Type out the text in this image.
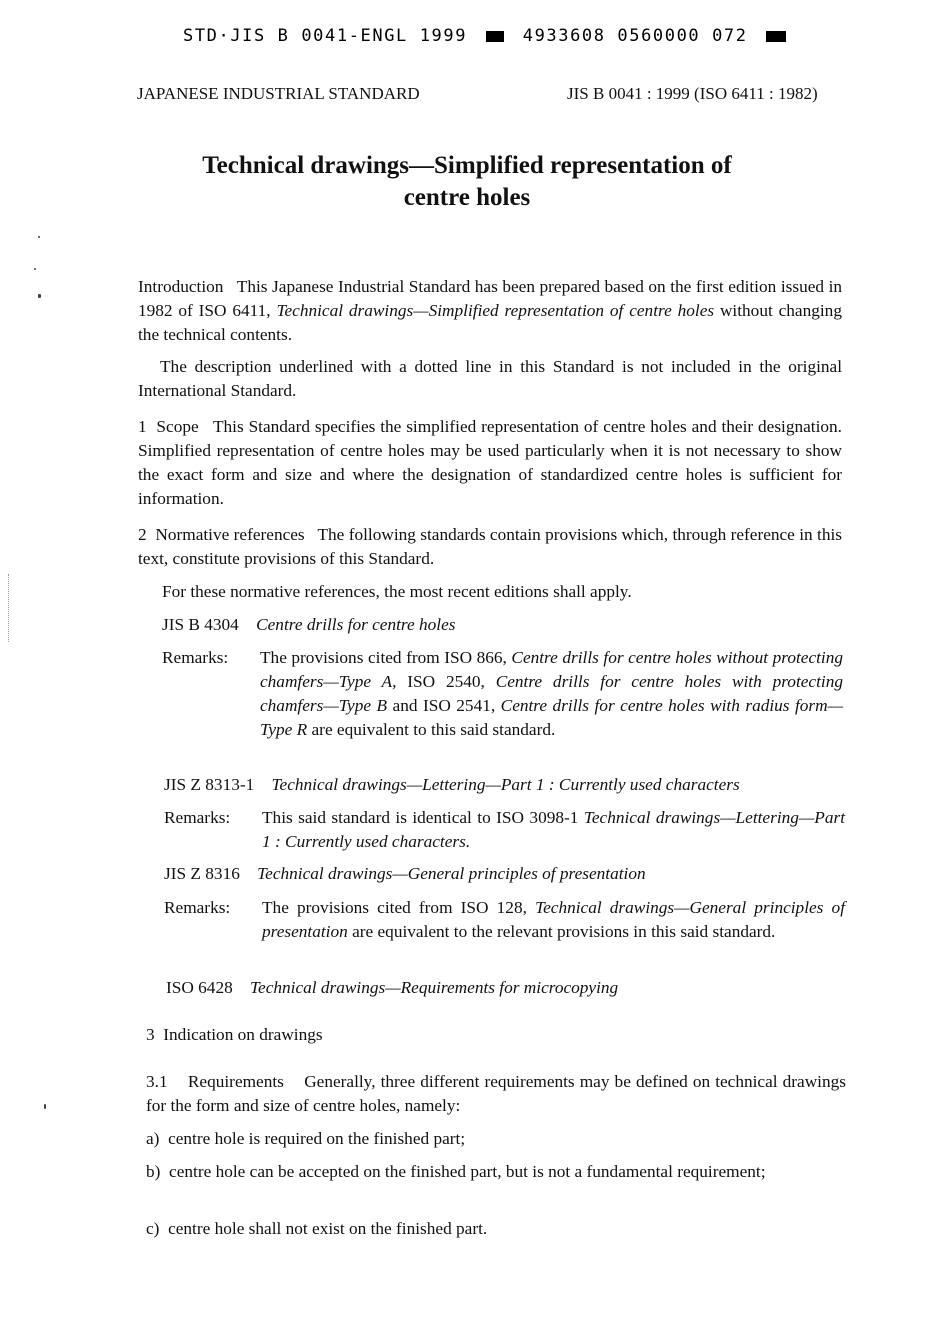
STD·JIS B 0041-ENGL 1999	4933608 0560000 072
JAPANESE INDUSTRIAL STANDARD	JIS B 0041 : 1999 (ISO 6411 : 1982)
Technical drawings—Simplified representation of
centre holes
Introduction This Japanese Industrial Standard has been prepared based on the first edition issued in 1982 of ISO 6411, Technical drawings—Simplified representation of centre holes without changing the technical contents.
The description underlined with a dotted line in this Standard is not included in the original International Standard.
1 Scope This Standard specifies the simplified representation of centre holes and their designation. Simplified representation of centre holes may be used particularly when it is not necessary to show the exact form and size and where the designation of standardized centre holes is sufficient for information.
2 Normative references The following standards contain provisions which, through reference in this text, constitute provisions of this Standard.
For these normative references, the most recent editions shall apply.
JIS B 4304 Centre drills for centre holes
Remarks:	The provisions cited from ISO 866, Centre drills for centre holes without protecting chamfers—Type A, ISO 2540, Centre drills for centre holes with protecting chamfers—Type B and ISO 2541, Centre drills for centre holes with radius form—Type R are equivalent to this said standard.
JIS Z 8313-1 Technical drawings—Lettering—Part 1 : Currently used characters
Remarks:	This said standard is identical to ISO 3098-1 Technical drawings—Lettering—Part 1 : Currently used characters.
JIS Z 8316 Technical drawings—General principles of presentation
Remarks:	The provisions cited from ISO 128, Technical drawings—General principles of presentation are equivalent to the relevant provisions in this said standard.
ISO 6428 Technical drawings—Requirements for microcopying
3 Indication on drawings
3.1 Requirements Generally, three different requirements may be defined on technical drawings for the form and size of centre holes, namely:
a) centre hole is required on the finished part;
b) centre hole can be accepted on the finished part, but is not a fundamental requirement;
c) centre hole shall not exist on the finished part.
